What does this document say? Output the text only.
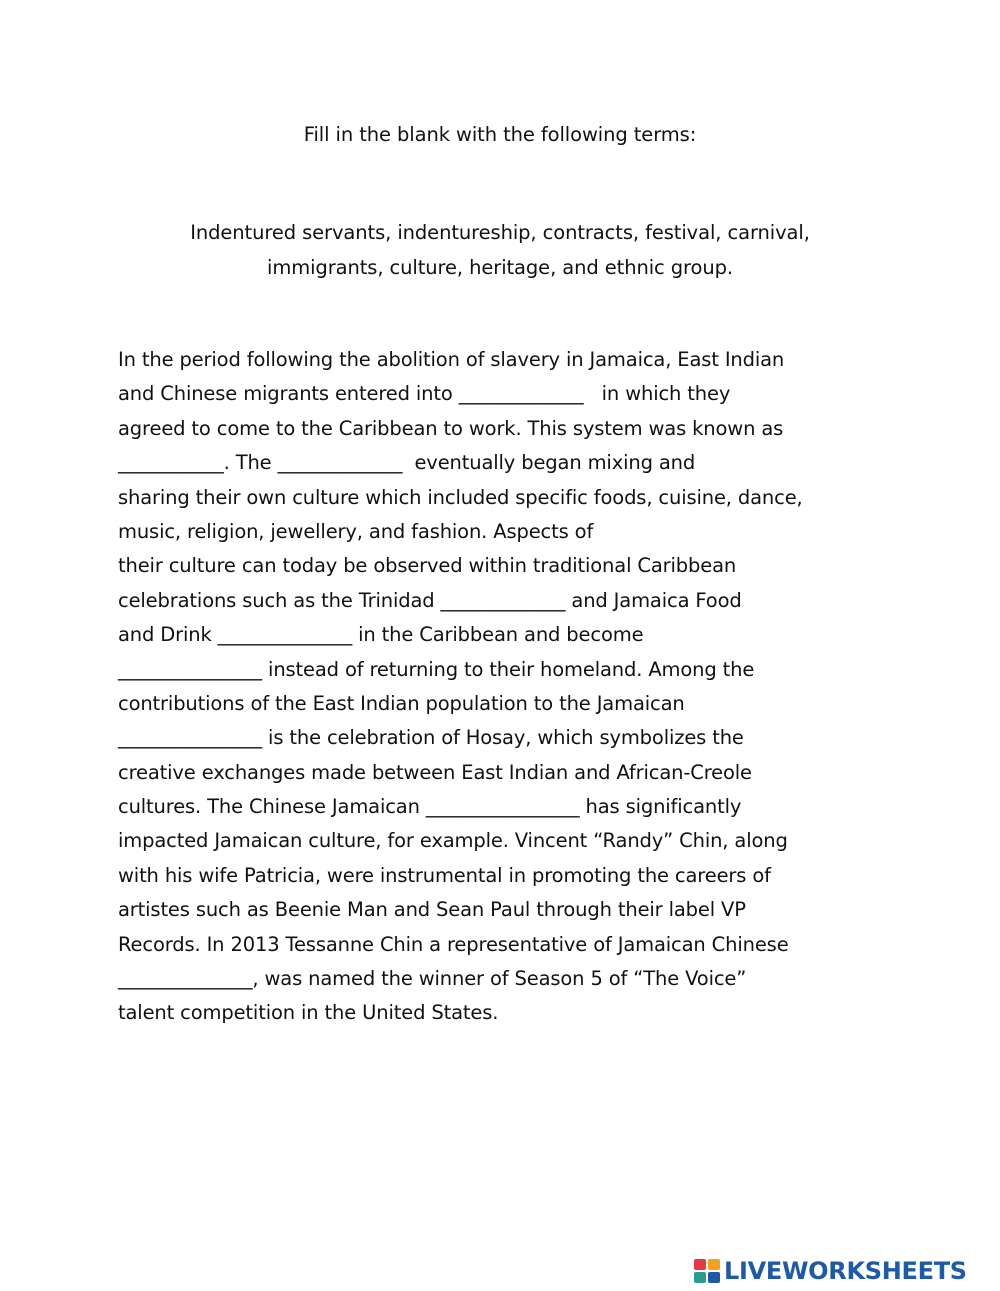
Fill in the blank with the following terms:
Indentured servants, indentureship, contracts, festival, carnival,
immigrants, culture, heritage, and ethnic group.
In the period following the abolition of slavery in Jamaica, East Indian
and Chinese migrants entered into _____________   in which they
agreed to come to the Caribbean to work. This system was known as
___________. The _____________  eventually began mixing and
sharing their own culture which included specific foods, cuisine, dance,
music, religion, jewellery, and fashion. Aspects of
their culture can today be observed within traditional Caribbean
celebrations such as the Trinidad _____________ and Jamaica Food
and Drink ______________ in the Caribbean and become
_______________ instead of returning to their homeland. Among the
contributions of the East Indian population to the Jamaican
_______________ is the celebration of Hosay, which symbolizes the
creative exchanges made between East Indian and African-Creole
cultures. The Chinese Jamaican ________________ has significantly
impacted Jamaican culture, for example. Vincent “Randy” Chin, along
with his wife Patricia, were instrumental in promoting the careers of
artistes such as Beenie Man and Sean Paul through their label VP
Records. In 2013 Tessanne Chin a representative of Jamaican Chinese
______________, was named the winner of Season 5 of “The Voice”
talent competition in the United States.
LIVEWORKSHEETS
